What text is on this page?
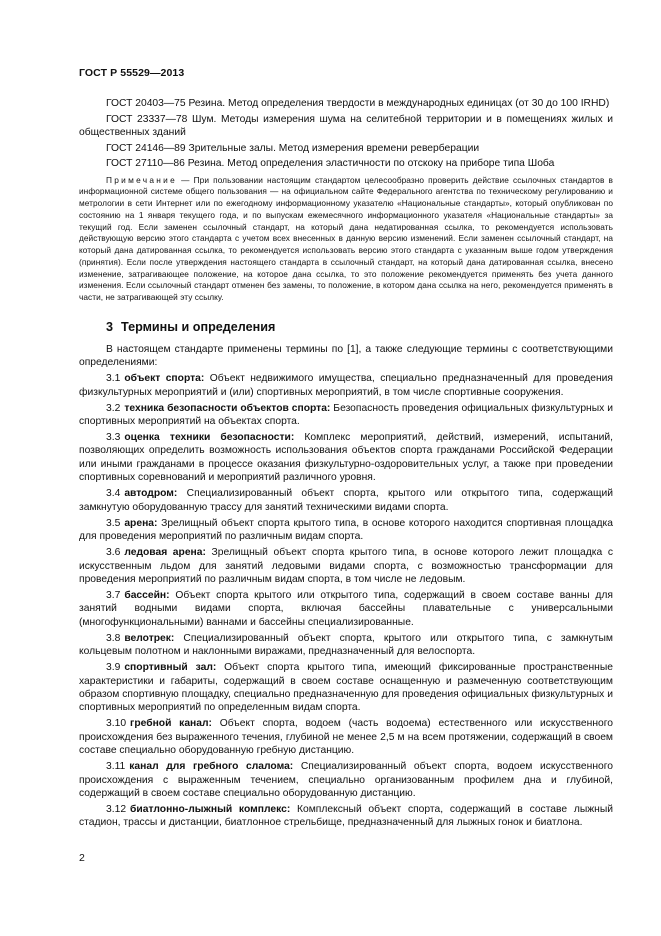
ГОСТ Р 55529—2013

ГОСТ 20403—75 Резина. Метод определения твердости в международных единицах (от 30 до 100 IRHD)

ГОСТ 23337—78 Шум. Методы измерения шума на селитебной территории и в помещениях жилых и общественных зданий

ГОСТ 24146—89 Зрительные залы. Метод измерения времени реверберации

ГОСТ 27110—86 Резина. Метод определения эластичности по отскоку на приборе типа Шоба

Примечание — При пользовании настоящим стандартом целесообразно проверить действие ссылочных стандартов в информационной системе общего пользования — на официальном сайте Федерального агентства по техническому регулированию и метрологии в сети Интернет или по ежегодному информационному указателю «Национальные стандарты», который опубликован по состоянию на 1 января текущего года, и по выпускам ежемесячного информационного указателя «Национальные стандарты» за текущий год. Если заменен ссылочный стандарт, на который дана недатированная ссылка, то рекомендуется использовать действующую версию этого стандарта с учетом всех внесенных в данную версию изменений. Если заменен ссылочный стандарт, на который дана датированная ссылка, то рекомендуется использовать версию этого стандарта с указанным выше годом утверждения (принятия). Если после утверждения настоящего стандарта в ссылочный стандарт, на который дана датированная ссылка, внесено изменение, затрагивающее положение, на которое дана ссылка, то это положение рекомендуется применять без учета данного изменения. Если ссылочный стандарт отменен без замены, то положение, в котором дана ссылка на него, рекомендуется применять в части, не затрагивающей эту ссылку.

3 Термины и определения

В настоящем стандарте применены термины по [1], а также следующие термины с соответствующими определениями:

3.1 объект спорта: Объект недвижимого имущества, специально предназначенный для проведения физкультурных мероприятий и (или) спортивных мероприятий, в том числе спортивные сооружения.

3.2 техника безопасности объектов спорта: Безопасность проведения официальных физкультурных и спортивных мероприятий на объектах спорта.

3.3 оценка техники безопасности: Комплекс мероприятий, действий, измерений, испытаний, позволяющих определить возможность использования объектов спорта гражданами Российской Федерации или иными гражданами в процессе оказания физкультурно-оздоровительных услуг, а также при проведении спортивных соревнований и мероприятий различного уровня.

3.4 автодром: Специализированный объект спорта, крытого или открытого типа, содержащий замкнутую оборудованную трассу для занятий техническими видами спорта.

3.5 арена: Зрелищный объект спорта крытого типа, в основе которого находится спортивная площадка для проведения мероприятий по различным видам спорта.

3.6 ледовая арена: Зрелищный объект спорта крытого типа, в основе которого лежит площадка с искусственным льдом для занятий ледовыми видами спорта, с возможностью трансформации для проведения мероприятий по различным видам спорта, в том числе не ледовым.

3.7 бассейн: Объект спорта крытого или открытого типа, содержащий в своем составе ванны для занятий водными видами спорта, включая бассейны плавательные с универсальными (многофункциональными) ваннами и бассейны специализированные.

3.8 велотрек: Специализированный объект спорта, крытого или открытого типа, с замкнутым кольцевым полотном и наклонными виражами, предназначенный для велоспорта.

3.9 спортивный зал: Объект спорта крытого типа, имеющий фиксированные пространственные характеристики и габариты, содержащий в своем составе оснащенную и размеченную соответствующим образом спортивную площадку, специально предназначенную для проведения официальных физкультурных и спортивных мероприятий по определенным видам спорта.

3.10 гребной канал: Объект спорта, водоем (часть водоема) естественного или искусственного происхождения без выраженного течения, глубиной не менее 2,5 м на всем протяжении, содержащий в своем составе специально оборудованную гребную дистанцию.

3.11 канал для гребного слалома: Специализированный объект спорта, водоем искусственного происхождения с выраженным течением, специально организованным профилем дна и глубиной, содержащий в своем составе специально оборудованную дистанцию.

3.12 биатлонно-лыжный комплекс: Комплексный объект спорта, содержащий в составе лыжный стадион, трассы и дистанции, биатлонное стрельбище, предназначенный для лыжных гонок и биатлона.

2
